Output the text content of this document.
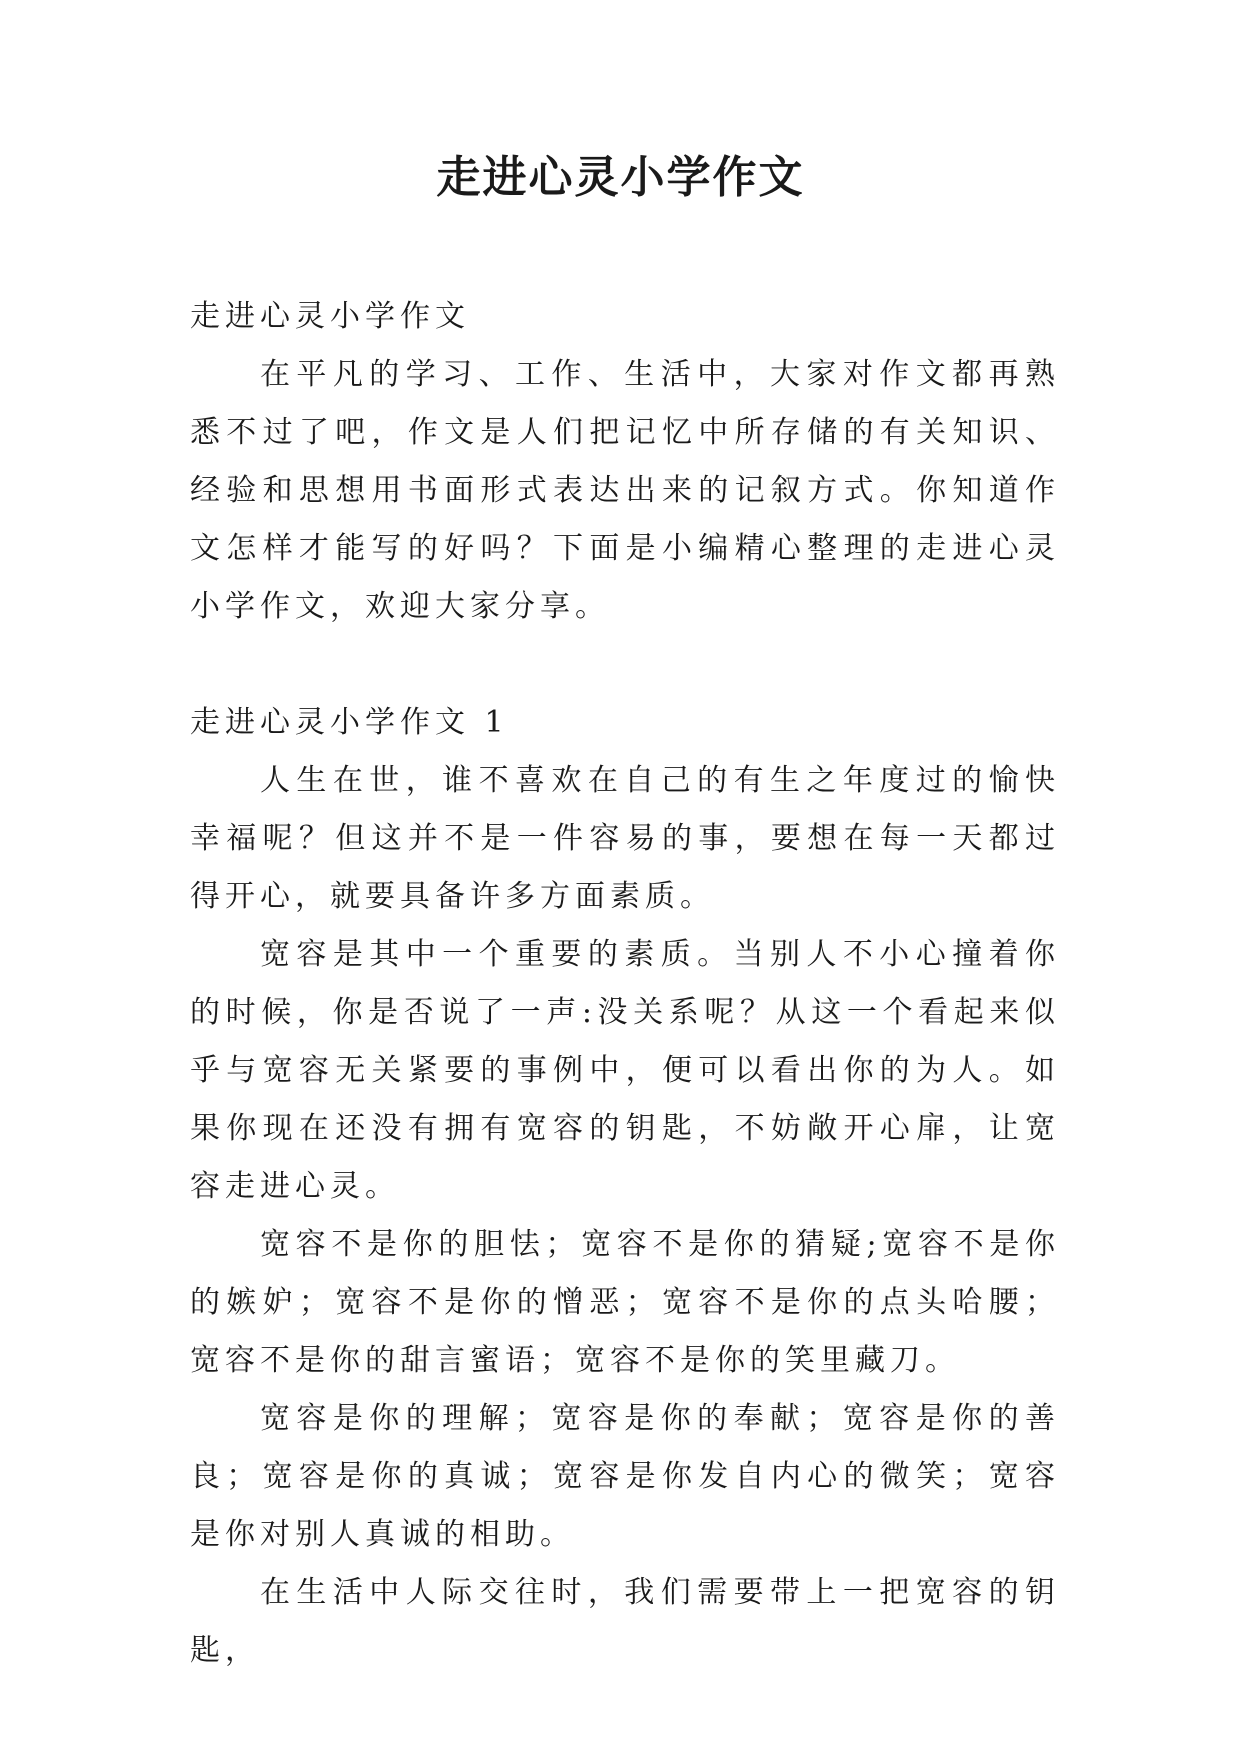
走进心灵小学作文
走进心灵小学作文

在平凡的学习、工作、生活中，大家对作文都再熟悉不过了吧，作文是人们把记忆中所存储的有关知识、经验和思想用书面形式表达出来的记叙方式。你知道作文怎样才能写的好吗？下面是小编精心整理的走进心灵小学作文，欢迎大家分享。

走进心灵小学作文 1

人生在世，谁不喜欢在自己的有生之年度过的愉快幸福呢？但这并不是一件容易的事，要想在每一天都过得开心，就要具备许多方面素质。

宽容是其中一个重要的素质。当别人不小心撞着你的时候，你是否说了一声:没关系呢？从这一个看起来似乎与宽容无关紧要的事例中，便可以看出你的为人。如果你现在还没有拥有宽容的钥匙，不妨敞开心扉，让宽容走进心灵。

宽容不是你的胆怯；宽容不是你的猜疑;宽容不是你的嫉妒；宽容不是你的憎恶；宽容不是你的点头哈腰；宽容不是你的甜言蜜语；宽容不是你的笑里藏刀。

宽容是你的理解；宽容是你的奉献；宽容是你的善良；宽容是你的真诚；宽容是你发自内心的微笑；宽容是你对别人真诚的相助。

在生活中人际交往时，我们需要带上一把宽容的钥匙，
